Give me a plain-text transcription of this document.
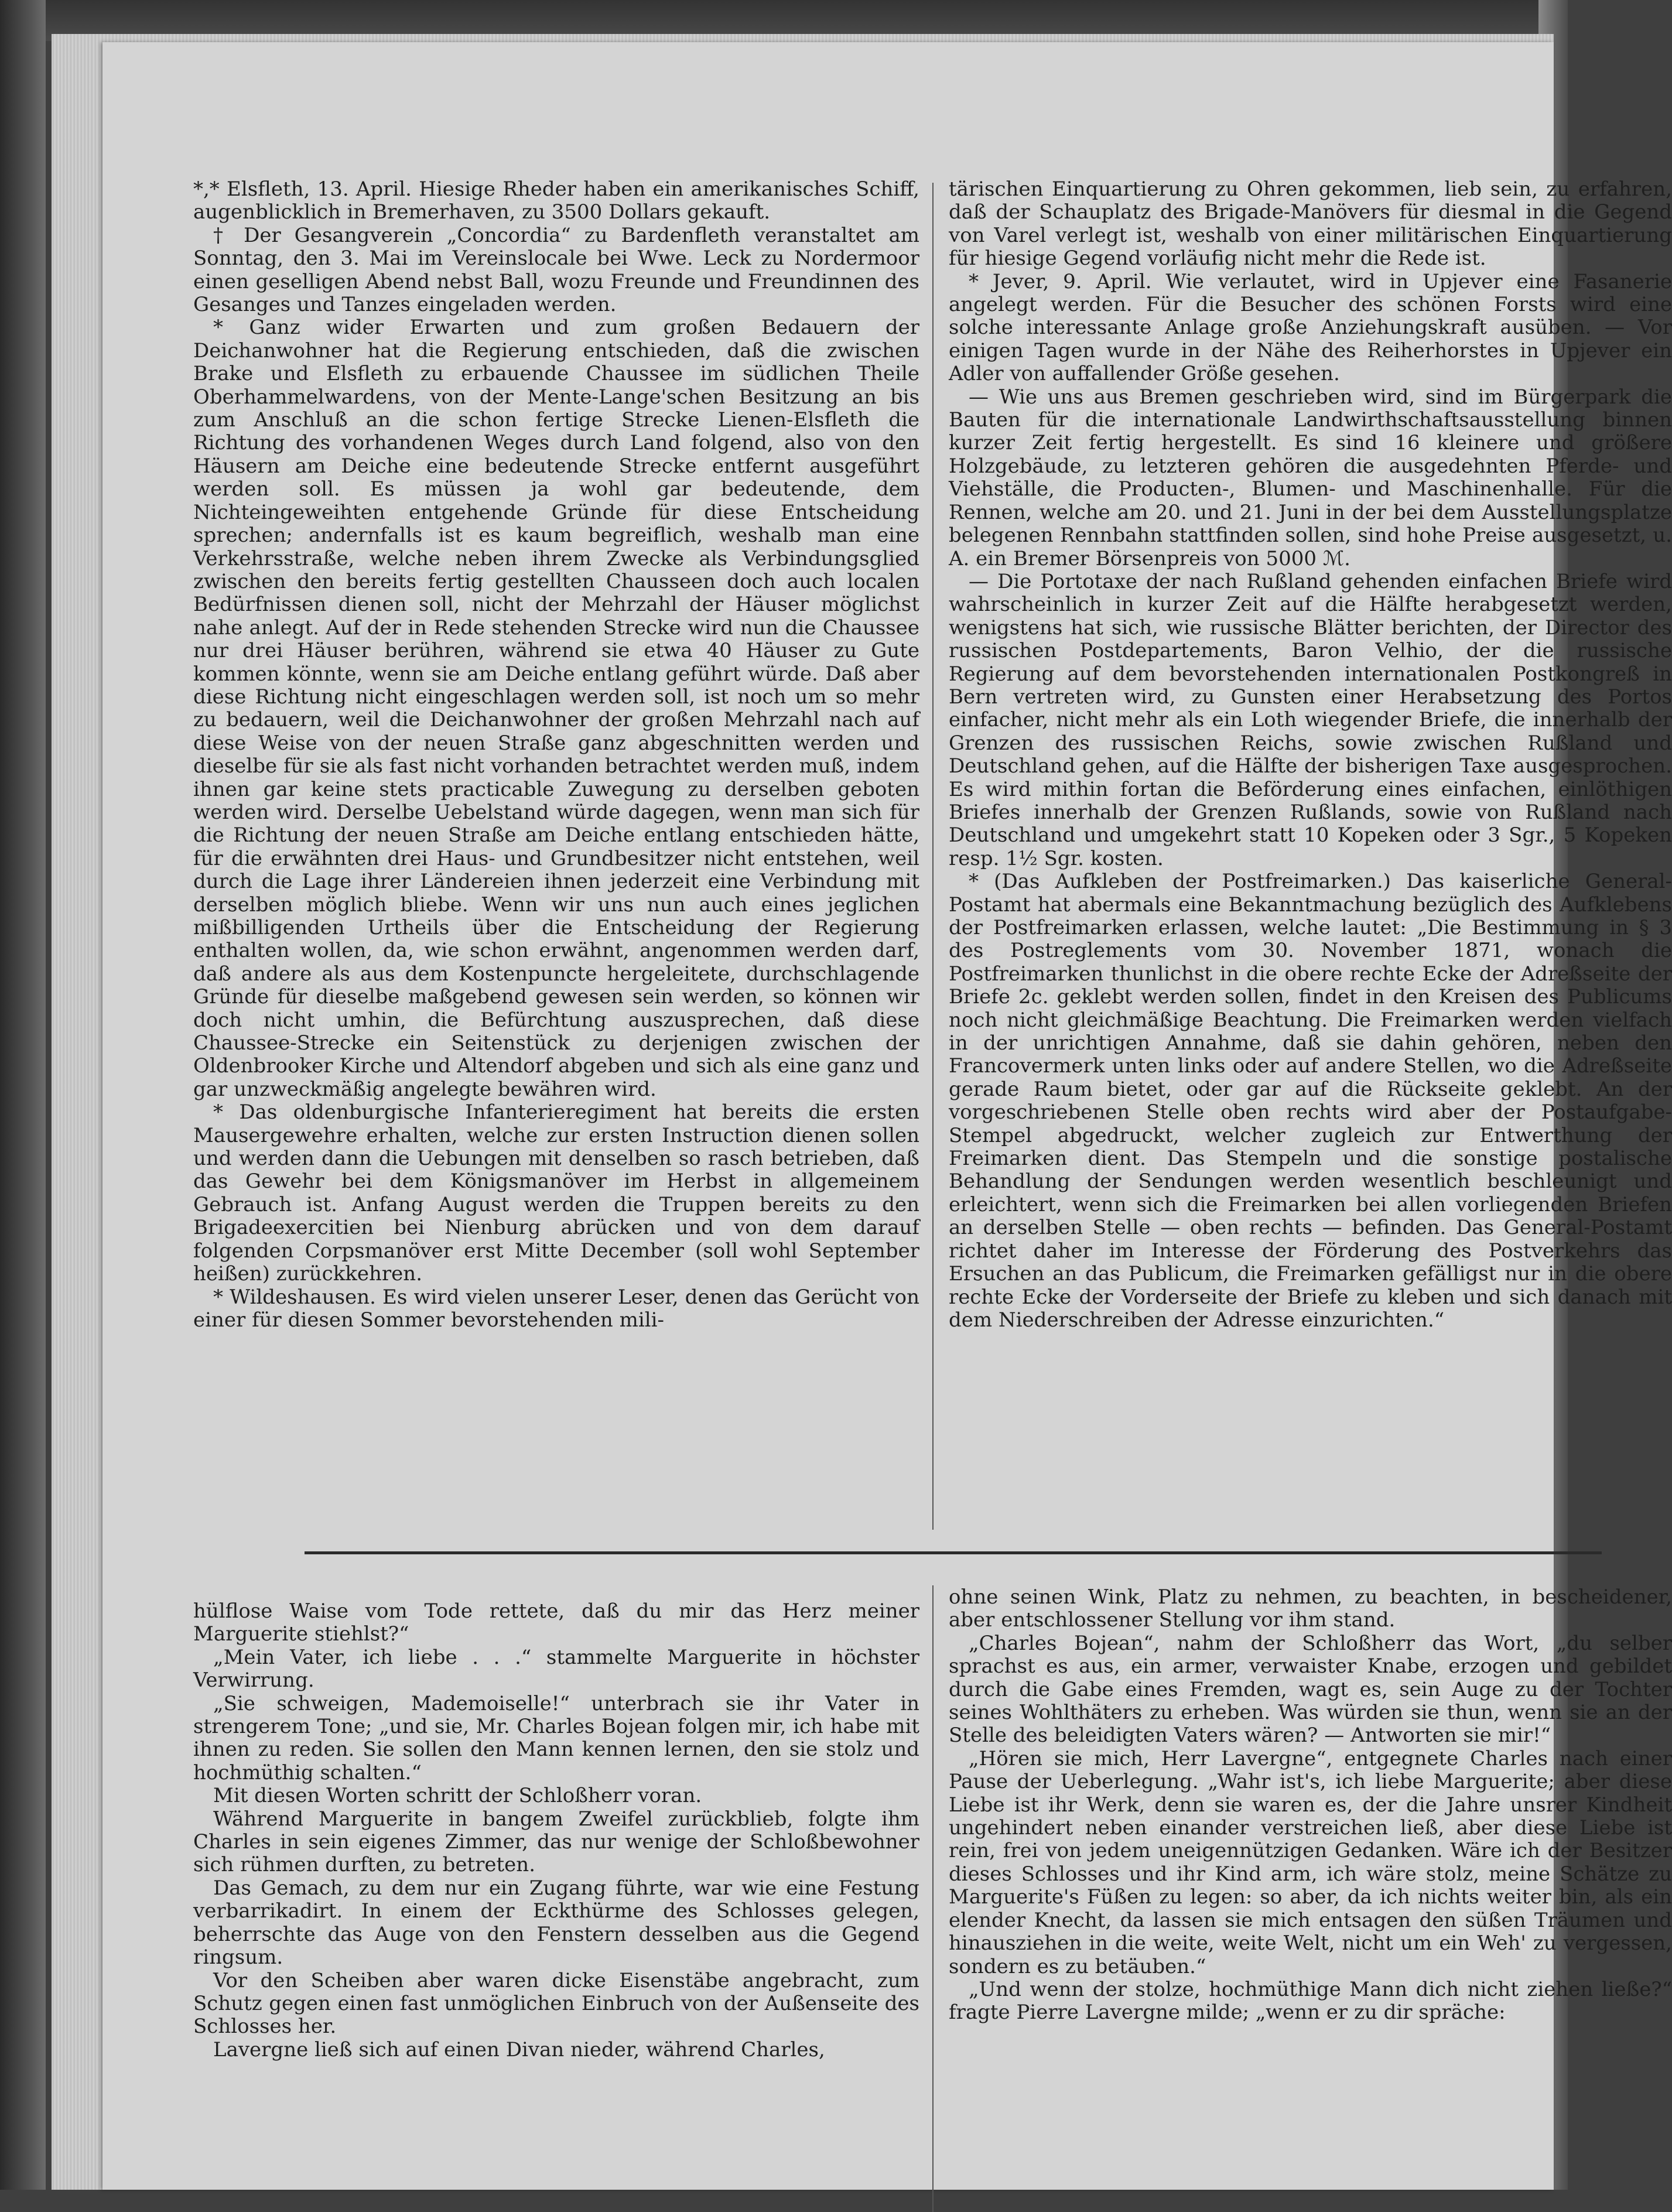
*,* Elsfleth, 13. April. Hiesige Rheder haben ein amerikanisches Schiff, augenblicklich in Bremerhaven, zu 3500 Dollars gekauft.

† Der Gesangverein „Concordia“ zu Bardenfleth veranstaltet am Sonntag, den 3. Mai im Vereinslocale bei Wwe. Leck zu Nordermoor einen geselligen Abend nebst Ball, wozu Freunde und Freundinnen des Gesanges und Tanzes eingeladen werden.

* Ganz wider Erwarten und zum großen Bedauern der Deichanwohner hat die Regierung entschieden, daß die zwischen Brake und Elsfleth zu erbauende Chaussee im südlichen Theile Oberhammelwardens, von der Mente-Lange'schen Besitzung an bis zum Anschluß an die schon fertige Strecke Lienen-Elsfleth die Richtung des vorhandenen Weges durch Land folgend, also von den Häusern am Deiche eine bedeutende Strecke entfernt ausgeführt werden soll. Es müssen ja wohl gar bedeutende, dem Nichteingeweihten entgehende Gründe für diese Entscheidung sprechen; andernfalls ist es kaum begreiflich, weshalb man eine Verkehrsstraße, welche neben ihrem Zwecke als Verbindungsglied zwischen den bereits fertig gestellten Chausseen doch auch localen Bedürfnissen dienen soll, nicht der Mehrzahl der Häuser möglichst nahe anlegt. Auf der in Rede stehenden Strecke wird nun die Chaussee nur drei Häuser berühren, während sie etwa 40 Häuser zu Gute kommen könnte, wenn sie am Deiche entlang geführt würde. Daß aber diese Richtung nicht eingeschlagen werden soll, ist noch um so mehr zu bedauern, weil die Deichanwohner der großen Mehrzahl nach auf diese Weise von der neuen Straße ganz abgeschnitten werden und dieselbe für sie als fast nicht vorhanden betrachtet werden muß, indem ihnen gar keine stets practicable Zuwegung zu derselben geboten werden wird. Derselbe Uebelstand würde dagegen, wenn man sich für die Richtung der neuen Straße am Deiche entlang entschieden hätte, für die erwähnten drei Haus- und Grundbesitzer nicht entstehen, weil durch die Lage ihrer Ländereien ihnen jederzeit eine Verbindung mit derselben möglich bliebe. Wenn wir uns nun auch eines jeglichen mißbilligenden Urtheils über die Entscheidung der Regierung enthalten wollen, da, wie schon erwähnt, angenommen werden darf, daß andere als aus dem Kostenpuncte hergeleitete, durchschlagende Gründe für dieselbe maßgebend gewesen sein werden, so können wir doch nicht umhin, die Befürchtung auszusprechen, daß diese Chaussee-Strecke ein Seitenstück zu derjenigen zwischen der Oldenbrooker Kirche und Altendorf abgeben und sich als eine ganz und gar unzweckmäßig angelegte bewähren wird.

* Das oldenburgische Infanterieregiment hat bereits die ersten Mausergewehre erhalten, welche zur ersten Instruction dienen sollen und werden dann die Uebungen mit denselben so rasch betrieben, daß das Gewehr bei dem Königsmanöver im Herbst in allgemeinem Gebrauch ist. Anfang August werden die Truppen bereits zu den Brigadeexercitien bei Nienburg abrücken und von dem darauf folgenden Corpsmanöver erst Mitte December (soll wohl September heißen) zurückkehren.

* Wildeshausen. Es wird vielen unserer Leser, denen das Gerücht von einer für diesen Sommer bevorstehenden mili-

tärischen Einquartierung zu Ohren gekommen, lieb sein, zu erfahren, daß der Schauplatz des Brigade-Manövers für diesmal in die Gegend von Varel verlegt ist, weshalb von einer militärischen Einquartierung für hiesige Gegend vorläufig nicht mehr die Rede ist.

* Jever, 9. April. Wie verlautet, wird in Upjever eine Fasanerie angelegt werden. Für die Besucher des schönen Forsts wird eine solche interessante Anlage große Anziehungskraft ausüben. — Vor einigen Tagen wurde in der Nähe des Reiherhorstes in Upjever ein Adler von auffallender Größe gesehen.

— Wie uns aus Bremen geschrieben wird, sind im Bürgerpark die Bauten für die internationale Landwirthschaftsausstellung binnen kurzer Zeit fertig hergestellt. Es sind 16 kleinere und größere Holzgebäude, zu letzteren gehören die ausgedehnten Pferde- und Viehställe, die Producten-, Blumen- und Maschinenhalle. Für die Rennen, welche am 20. und 21. Juni in der bei dem Ausstellungsplatze belegenen Rennbahn stattfinden sollen, sind hohe Preise ausgesetzt, u. A. ein Bremer Börsenpreis von 5000 ℳ.

— Die Portotaxe der nach Rußland gehenden einfachen Briefe wird wahrscheinlich in kurzer Zeit auf die Hälfte herabgesetzt werden, wenigstens hat sich, wie russische Blätter berichten, der Director des russischen Postdepartements, Baron Velhio, der die russische Regierung auf dem bevorstehenden internationalen Postkongreß in Bern vertreten wird, zu Gunsten einer Herabsetzung des Portos einfacher, nicht mehr als ein Loth wiegender Briefe, die innerhalb der Grenzen des russischen Reichs, sowie zwischen Rußland und Deutschland gehen, auf die Hälfte der bisherigen Taxe ausgesprochen. Es wird mithin fortan die Beförderung eines einfachen, einlöthigen Briefes innerhalb der Grenzen Rußlands, sowie von Rußland nach Deutschland und umgekehrt statt 10 Kopeken oder 3 Sgr., 5 Kopeken resp. 1½ Sgr. kosten.

* (Das Aufkleben der Postfreimarken.) Das kaiserliche General-Postamt hat abermals eine Bekanntmachung bezüglich des Aufklebens der Postfreimarken erlassen, welche lautet: „Die Bestimmung in § 3 des Postreglements vom 30. November 1871, wonach die Postfreimarken thunlichst in die obere rechte Ecke der Adreßseite der Briefe 2c. geklebt werden sollen, findet in den Kreisen des Publicums noch nicht gleichmäßige Beachtung. Die Freimarken werden vielfach in der unrichtigen Annahme, daß sie dahin gehören, neben den Francovermerk unten links oder auf andere Stellen, wo die Adreßseite gerade Raum bietet, oder gar auf die Rückseite geklebt. An der vorgeschriebenen Stelle oben rechts wird aber der Postaufgabe-Stempel abgedruckt, welcher zugleich zur Entwerthung der Freimarken dient. Das Stempeln und die sonstige postalische Behandlung der Sendungen werden wesentlich beschleunigt und erleichtert, wenn sich die Freimarken bei allen vorliegenden Briefen an derselben Stelle — oben rechts — befinden. Das General-Postamt richtet daher im Interesse der Förderung des Postverkehrs das Ersuchen an das Publicum, die Freimarken gefälligst nur in die obere rechte Ecke der Vorderseite der Briefe zu kleben und sich danach mit dem Niederschreiben der Adresse einzurichten.“

hülflose Waise vom Tode rettete, daß du mir das Herz meiner Marguerite stiehlst?“

„Mein Vater, ich liebe . . .“ stammelte Marguerite in höchster Verwirrung.

„Sie schweigen, Mademoiselle!“ unterbrach sie ihr Vater in strengerem Tone; „und sie, Mr. Charles Bojean folgen mir, ich habe mit ihnen zu reden. Sie sollen den Mann kennen lernen, den sie stolz und hochmüthig schalten.“

Mit diesen Worten schritt der Schloßherr voran.

Während Marguerite in bangem Zweifel zurückblieb, folgte ihm Charles in sein eigenes Zimmer, das nur wenige der Schloßbewohner sich rühmen durften, zu betreten.

Das Gemach, zu dem nur ein Zugang führte, war wie eine Festung verbarrikadirt. In einem der Eckthürme des Schlosses gelegen, beherrschte das Auge von den Fenstern desselben aus die Gegend ringsum.

Vor den Scheiben aber waren dicke Eisenstäbe angebracht, zum Schutz gegen einen fast unmöglichen Einbruch von der Außenseite des Schlosses her.

Lavergne ließ sich auf einen Divan nieder, während Charles,

ohne seinen Wink, Platz zu nehmen, zu beachten, in bescheidener, aber entschlossener Stellung vor ihm stand.

„Charles Bojean“, nahm der Schloßherr das Wort, „du selber sprachst es aus, ein armer, verwaister Knabe, erzogen und gebildet durch die Gabe eines Fremden, wagt es, sein Auge zu der Tochter seines Wohlthäters zu erheben. Was würden sie thun, wenn sie an der Stelle des beleidigten Vaters wären? — Antworten sie mir!“

„Hören sie mich, Herr Lavergne“, entgegnete Charles nach einer Pause der Ueberlegung. „Wahr ist's, ich liebe Marguerite; aber diese Liebe ist ihr Werk, denn sie waren es, der die Jahre unsrer Kindheit ungehindert neben einander verstreichen ließ, aber diese Liebe ist rein, frei von jedem uneigennützigen Gedanken. Wäre ich der Besitzer dieses Schlosses und ihr Kind arm, ich wäre stolz, meine Schätze zu Marguerite's Füßen zu legen: so aber, da ich nichts weiter bin, als ein elender Knecht, da lassen sie mich entsagen den süßen Träumen und hinausziehen in die weite, weite Welt, nicht um ein Weh' zu vergessen, sondern es zu betäuben.“

„Und wenn der stolze, hochmüthige Mann dich nicht ziehen ließe?“ fragte Pierre Lavergne milde; „wenn er zu dir spräche:
